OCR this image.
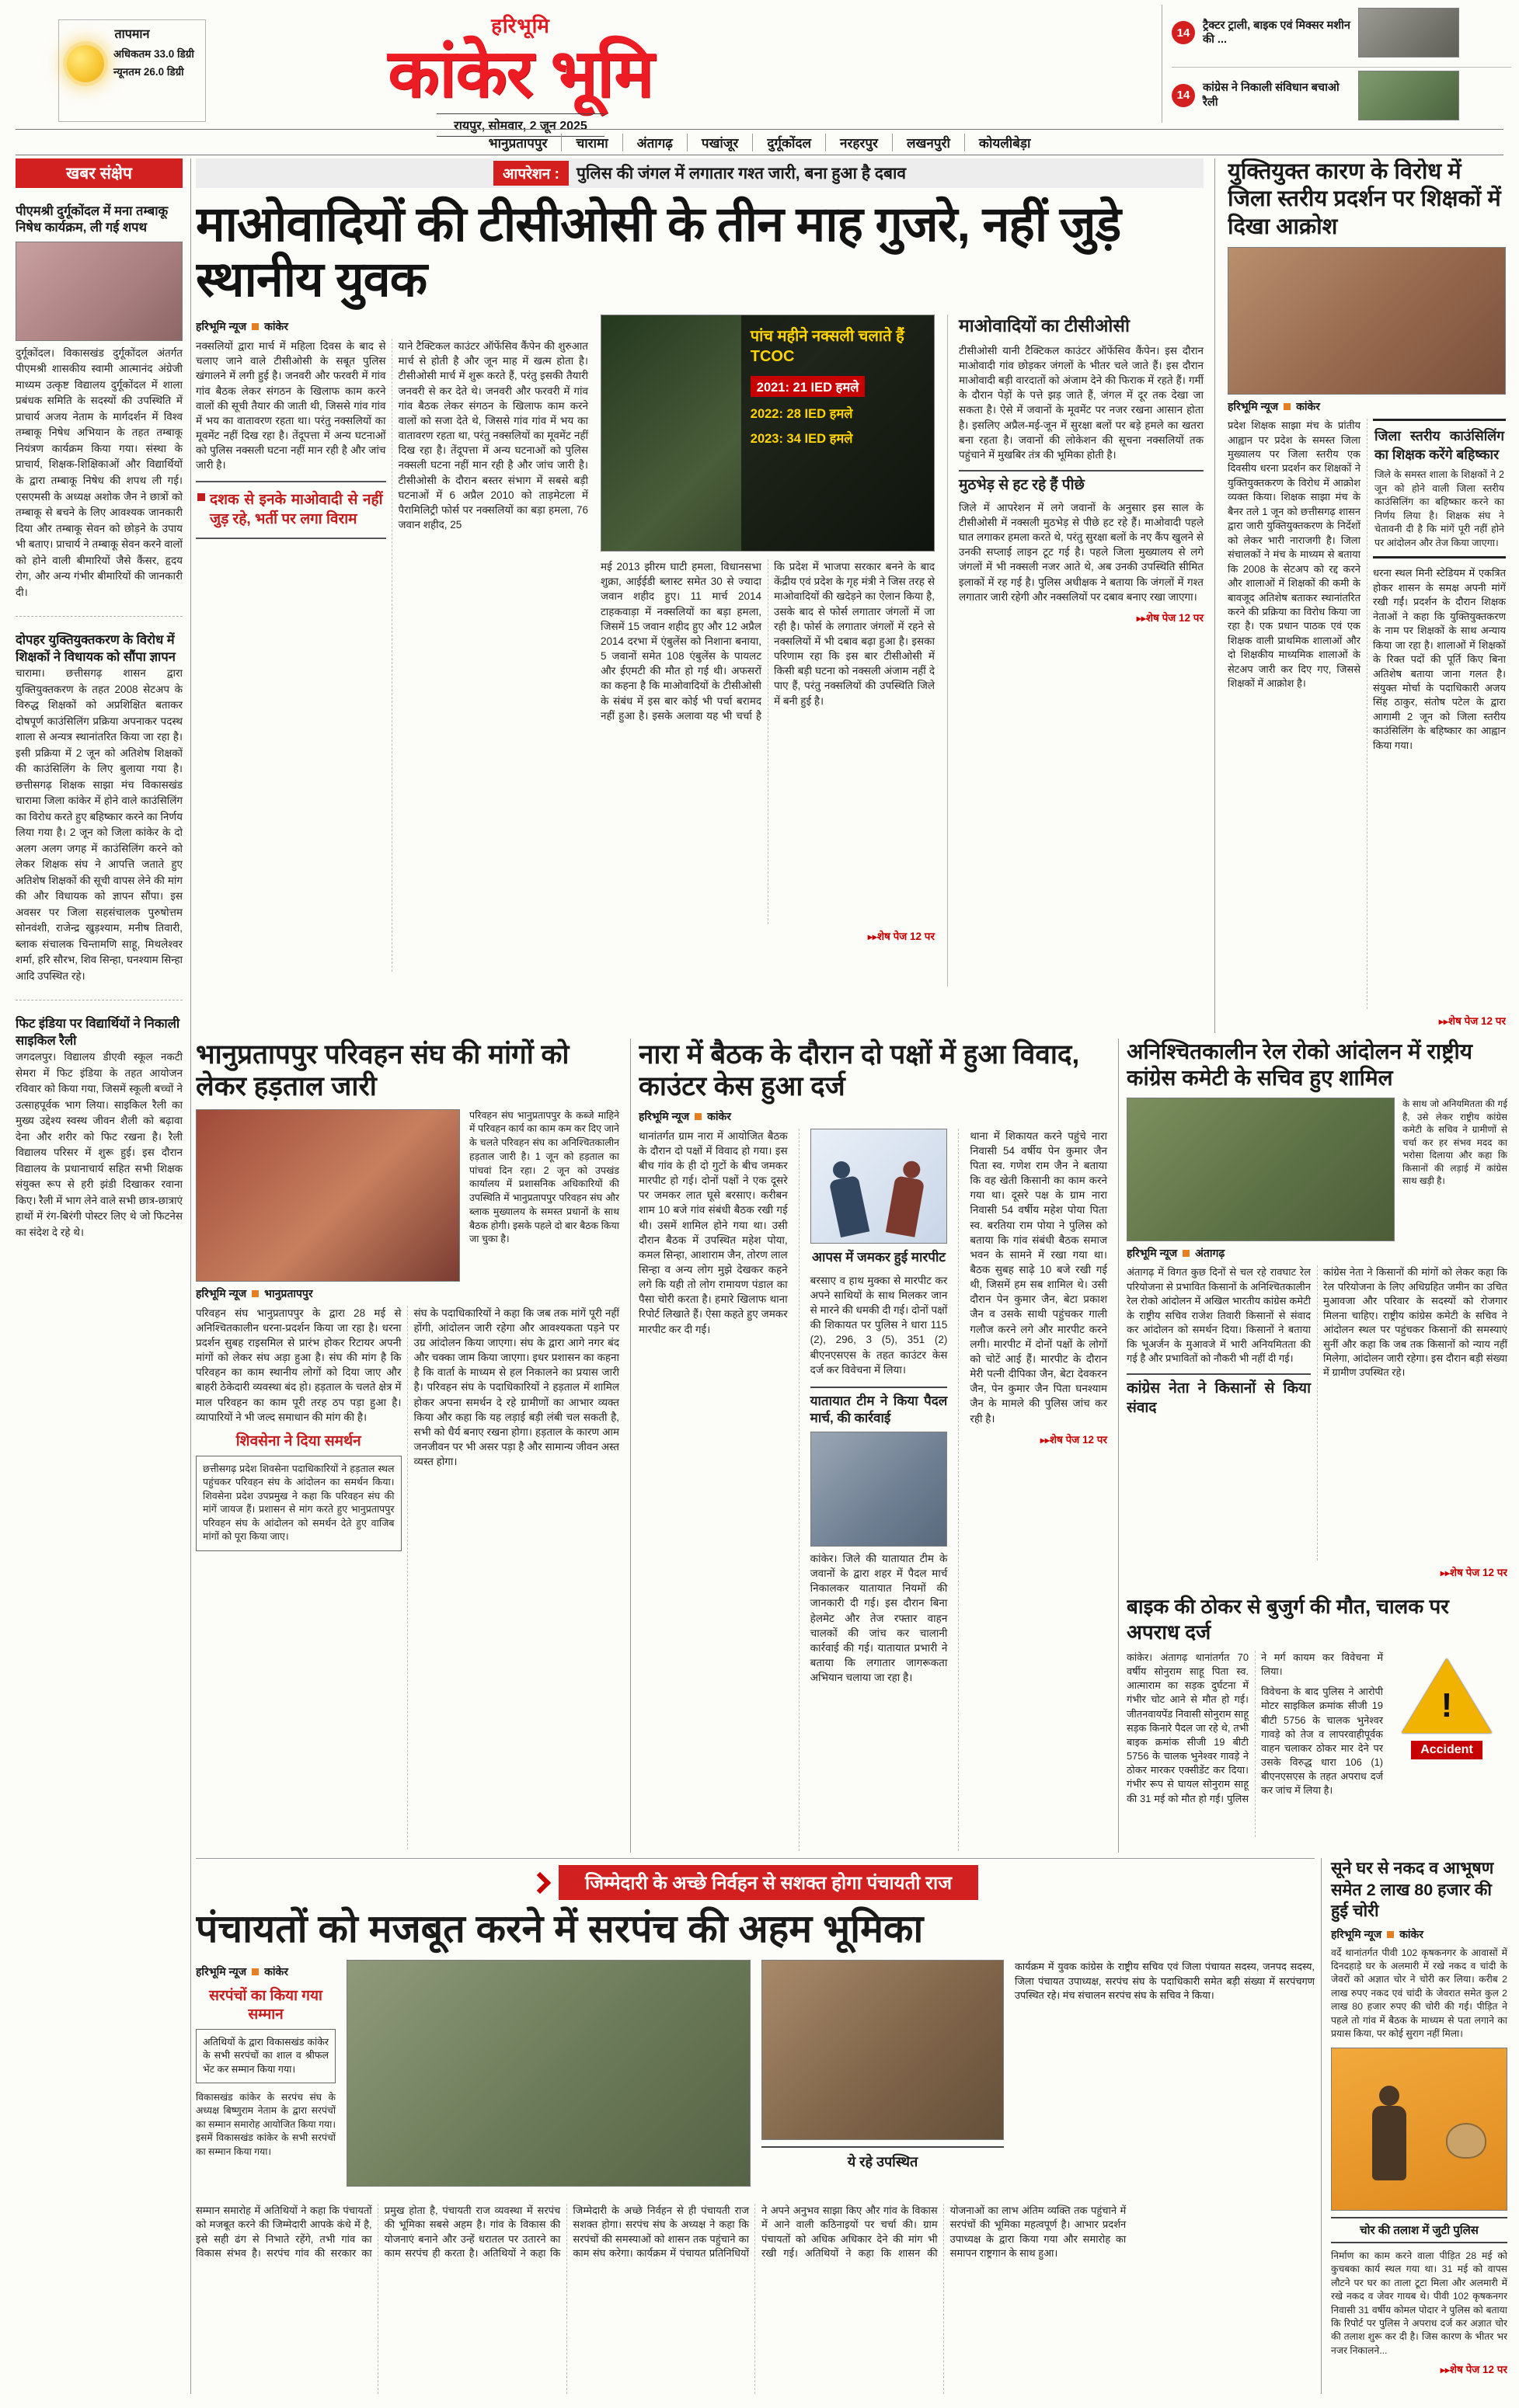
तापमान
अधिकतम 33.0 डिग्री
न्यूनतम 26.0 डिग्री
हरिभूमि
कांकेर भूमि
रायपुर, सोमवार, 2 जून 2025
14
ट्रैक्टर ट्राली, बाइक एवं मिक्सर मशीन की ...
14
कांग्रेस ने निकाली संविधान बचाओ रैली
भानुप्रतापपुर	चारामा	अंतागढ़	पखांजूर	दुर्गूकोंदल	नरहरपुर	लखनपुरी	कोयलीबेड़ा
खबर संक्षेप
पीएमश्री दुर्गूकोंदल में मना तम्बाकू निषेध कार्यक्रम, ली गई शपथ
दुर्गूकोंदल। विकासखंड दुर्गूकोंदल अंतर्गत पीएमश्री शासकीय स्वामी आत्मानंद अंग्रेजी माध्यम उत्कृष्ट विद्यालय दुर्गूकोंदल में शाला प्रबंधक समिति के सदस्यों की उपस्थिति में प्राचार्य अजय नेताम के मार्गदर्शन में विश्व तम्बाकू निषेध अभियान के तहत तम्बाकू नियंत्रण कार्यक्रम किया गया। संस्था के प्राचार्य, शिक्षक-शिक्षिकाओं और विद्यार्थियों के द्वारा तम्बाकू निषेध की शपथ ली गई। एसएमसी के अध्यक्ष अशोक जैन ने छात्रों को तम्बाकू से बचने के लिए आवश्यक जानकारी दिया और तम्बाकू सेवन को छोड़ने के उपाय भी बताए। प्राचार्य ने तम्बाकू सेवन करने वालों को होने वाली बीमारियों जैसे कैंसर, हृदय रोग, और अन्य गंभीर बीमारियों की जानकारी दी।
दोपहर युक्तियुक्तकरण के विरोध में शिक्षकों ने विधायक को सौंपा ज्ञापन
चारामा। छत्तीसगढ़ शासन द्वारा युक्तियुक्तकरण के तहत 2008 सेटअप के विरुद्ध शिक्षकों को अप्रशिक्षित बताकर दोषपूर्ण काउंसिलिंग प्रक्रिया अपनाकर पदस्थ शाला से अन्यत्र स्थानांतरित किया जा रहा है। इसी प्रक्रिया में 2 जून को अतिशेष शिक्षकों की काउंसिलिंग के लिए बुलाया गया है। छत्तीसगढ़ शिक्षक साझा मंच विकासखंड चारामा जिला कांकेर में होने वाले काउंसिलिंग का विरोध करते हुए बहिष्कार करने का निर्णय लिया गया है। 2 जून को जिला कांकेर के दो अलग अलग जगह में काउंसिलिंग करने को लेकर शिक्षक संघ ने आपत्ति जताते हुए अतिशेष शिक्षकों की सूची वापस लेने की मांग की और विधायक को ज्ञापन सौंपा। इस अवसर पर जिला सहसंचालक पुरुषोत्तम सोनवंशी, राजेन्द्र खुड़श्याम, मनीष तिवारी, ब्लाक संचालक चिन्तामणि साहू, मिथलेश्वर शर्मा, हरि सौरभ, शिव सिन्हा, घनश्याम सिन्हा आदि उपस्थित रहे।
फिट इंडिया पर विद्यार्थियों ने निकाली साइकिल रैली
जगदलपुर। विद्यालय डीएवी स्कूल नकटी सेमरा में फिट इंडिया के तहत आयोजन रविवार को किया गया, जिसमें स्कूली बच्चों ने उत्साहपूर्वक भाग लिया। साइकिल रैली का मुख्य उद्देश्य स्वस्थ जीवन शैली को बढ़ावा देना और शरीर को फिट रखना है। रैली विद्यालय परिसर में शुरू हुई। इस दौरान विद्यालय के प्रधानाचार्य सहित सभी शिक्षक संयुक्त रूप से हरी झंडी दिखाकर रवाना किए। रैली में भाग लेने वाले सभी छात्र-छात्राएं हाथों में रंग-बिरंगी पोस्टर लिए थे जो फिटनेस का संदेश दे रहे थे।
आपरेशन :	पुलिस की जंगल में लगातार गश्त जारी, बना हुआ है दबाव
माओवादियों की टीसीओसी के तीन माह गुजरे, नहीं जुड़े स्थानीय युवक
हरिभूमि न्यूज कांकेर

नक्सलियों द्वारा मार्च में महिला दिवस के बाद से चलाए जाने वाले टीसीओसी के सबूत पुलिस खंगालने में लगी हुई है। जनवरी और फरवरी में गांव गांव बैठक लेकर संगठन के खिलाफ काम करने वालों की सूची तैयार की जाती थी, जिससे गांव गांव में भय का वातावरण रहता था। परंतु नक्सलियों का मूवमेंट नहीं दिख रहा है। तेंदूपत्ता में अन्य घटनाओं को पुलिस नक्सली घटना नहीं मान रही है और जांच जारी है।

दशक से इनके माओवादी से नहीं जुड़ रहे, भर्ती पर लगा विराम

याने टैक्टिकल काउंटर ऑफेंसिव कैंपेन की शुरुआत मार्च से होती है और जून माह में खत्म होता है। टीसीओसी मार्च में शुरू करते हैं, परंतु इसकी तैयारी जनवरी से कर देते थे। जनवरी और फरवरी में गांव गांव बैठक लेकर संगठन के खिलाफ काम करने वालों को सजा देते थे, जिससे गांव गांव में भय का वातावरण रहता था, परंतु नक्सलियों का मूवमेंट नहीं दिख रहा है। तेंदूपत्ता में अन्य घटनाओं को पुलिस नक्सली घटना नहीं मान रही है और जांच जारी है। टीसीओसी के दौरान बस्तर संभाग में सबसे बड़ी घटनाओं में 6 अप्रैल 2010 को ताड़मेटला में पैरामिलिट्री फोर्स पर नक्सलियों का बड़ा हमला, 76 जवान शहीद, 25

पांच महीने नक्सली चलाते हैं TCOC
2021: 21 IED हमले
2022: 28 IED हमले
2023: 34 IED हमले

मई 2013 झीरम घाटी हमला, विधानसभा शुक्रा, आईईडी ब्लास्ट समेत 30 से ज्यादा जवान शहीद हुए। 11 मार्च 2014 टाहकवाड़ा में नक्सलियों का बड़ा हमला, जिसमें 15 जवान शहीद हुए और 12 अप्रैल 2014 दरभा में एंबुलेंस को निशाना बनाया, 5 जवानों समेत 108 एंबुलेंस के पायलट और ईएमटी की मौत हो गई थी। अफसरों का कहना है कि माओवादियों के टीसीओसी के संबंध में इस बार कोई भी पर्चा बरामद नहीं हुआ है। इसके अलावा यह भी चर्चा है कि प्रदेश में भाजपा सरकार बनने के बाद केंद्रीय एवं प्रदेश के गृह मंत्री ने जिस तरह से माओवादियों की खदेड़ने का ऐलान किया है, उसके बाद से फोर्स लगातार जंगलों में जा रही है। फोर्स के लगातार जंगलों में रहने से नक्सलियों में भी दबाव बढ़ा हुआ है। इसका परिणाम रहा कि इस बार टीसीओसी में किसी बड़ी घटना को नक्सली अंजाम नहीं दे पाए हैं, परंतु नक्सलियों की उपस्थिति जिले में बनी हुई है।

▸▸ शेष पेज 12 पर
माओवादियों का टीसीओसी

टीसीओसी यानी टैक्टिकल काउंटर ऑफेंसिव कैंपेन। इस दौरान माओवादी गांव छोड़कर जंगलों के भीतर चले जाते हैं। इस दौरान माओवादी बड़ी वारदातों को अंजाम देने की फिराक में रहते हैं। गर्मी के दौरान पेड़ों के पत्ते झड़ जाते हैं, जंगल में दूर तक देखा जा सकता है। ऐसे में जवानों के मूवमेंट पर नजर रखना आसान होता है। इसलिए अप्रैल-मई-जून में सुरक्षा बलों पर बड़े हमले का खतरा बना रहता है। जवानों की लोकेशन की सूचना नक्सलियों तक पहुंचाने में मुखबिर तंत्र की भूमिका होती है।

मुठभेड़ से हट रहे हैं पीछे

जिले में आपरेशन में लगे जवानों के अनुसार इस साल के टीसीओसी में नक्सली मुठभेड़ से पीछे हट रहे हैं। माओवादी पहले घात लगाकर हमला करते थे, परंतु सुरक्षा बलों के नए कैंप खुलने से उनकी सप्लाई लाइन टूट गई है। पहले जिला मुख्यालय से लगे जंगलों में भी नक्सली नजर आते थे, अब उनकी उपस्थिति सीमित इलाकों में रह गई है। पुलिस अधीक्षक ने बताया कि जंगलों में गश्त लगातार जारी रहेगी और नक्सलियों पर दबाव बनाए रखा जाएगा।

▸▸ शेष पेज 12 पर
युक्तियुक्त कारण के विरोध में जिला स्तरीय प्रदर्शन पर शिक्षकों में दिखा आक्रोश
हरिभूमि न्यूज कांकेर

प्रदेश शिक्षक साझा मंच के प्रांतीय आह्वान पर प्रदेश के समस्त जिला मुख्यालय पर जिला स्तरीय एक दिवसीय धरना प्रदर्शन कर शिक्षकों ने युक्तियुक्तकरण के विरोध में आक्रोश व्यक्त किया। शिक्षक साझा मंच के बैनर तले 1 जून को छत्तीसगढ़ शासन द्वारा जारी युक्तियुक्तकरण के निर्देशों को लेकर भारी नाराजगी है। जिला संचालकों ने मंच के माध्यम से बताया कि 2008 के सेटअप को रद्द करने और शालाओं में शिक्षकों की कमी के बावजूद अतिशेष बताकर स्थानांतरित करने की प्रक्रिया का विरोध किया जा रहा है। एक प्रधान पाठक एवं एक शिक्षक वाली प्राथमिक शालाओं और दो शिक्षकीय माध्यमिक शालाओं के सेटअप जारी कर दिए गए, जिससे शिक्षकों में आक्रोश है।

जिला स्तरीय काउंसिलिंग का शिक्षक करेंगे बहिष्कार
जिले के समस्त शाला के शिक्षकों ने 2 जून को होने वाली जिला स्तरीय काउंसिलिंग का बहिष्कार करने का निर्णय लिया है। शिक्षक संघ ने चेतावनी दी है कि मांगें पूरी नहीं होने पर आंदोलन और तेज किया जाएगा।

धरना स्थल मिनी स्टेडियम में एकत्रित होकर शासन के समक्ष अपनी मांगें रखी गईं। प्रदर्शन के दौरान शिक्षक नेताओं ने कहा कि युक्तियुक्तकरण के नाम पर शिक्षकों के साथ अन्याय किया जा रहा है। शालाओं में शिक्षकों के रिक्त पदों की पूर्ति किए बिना अतिशेष बताया जाना गलत है। संयुक्त मोर्चा के पदाधिकारी अजय सिंह ठाकुर, संतोष पटेल के द्वारा आगामी 2 जून को जिला स्तरीय काउंसिलिंग के बहिष्कार का आह्वान किया गया।

▸▸ शेष पेज 12 पर
भानुप्रतापपुर परिवहन संघ की मांगों को लेकर हड़ताल जारी
परिवहन संघ भानुप्रतापपुर के कब्जे माहिने में परिवहन कार्य का काम कम कर दिए जाने के चलते परिवहन संघ का अनिश्चितकालीन हड़ताल जारी है। 1 जून को हड़ताल का पांचवां दिन रहा। 2 जून को उपखंड कार्यालय में प्रशासनिक अधिकारियों की उपस्थिति में भानुप्रतापपुर परिवहन संघ और ब्लाक मुख्यालय के समस्त प्रधानों के साथ बैठक होगी। इसके पहले दो बार बैठक किया जा चुका है।
हरिभूमि न्यूज भानुप्रतापपुर

परिवहन संघ भानुप्रतापपुर के द्वारा 28 मई से अनिश्चितकालीन धरना-प्रदर्शन किया जा रहा है। धरना प्रदर्शन सुबह राइसमिल से प्रारंभ होकर रिटायर अपनी मांगों को लेकर संघ अड़ा हुआ है। संघ की मांग है कि परिवहन का काम स्थानीय लोगों को दिया जाए और बाहरी ठेकेदारी व्यवस्था बंद हो। हड़ताल के चलते क्षेत्र में माल परिवहन का काम पूरी तरह ठप पड़ा हुआ है। व्यापारियों ने भी जल्द समाधान की मांग की है।

शिवसेना ने दिया समर्थन
छत्तीसगढ़ प्रदेश शिवसेना पदाधिकारियों ने हड़ताल स्थल पहुंचकर परिवहन संघ के आंदोलन का समर्थन किया। शिवसेना प्रदेश उपप्रमुख ने कहा कि परिवहन संघ की मांगें जायज हैं। प्रशासन से मांग करते हुए भानुप्रतापपुर परिवहन संघ के आंदोलन को समर्थन देते हुए वाजिब मांगों को पूरा किया जाए।

संघ के पदाधिकारियों ने कहा कि जब तक मांगें पूरी नहीं होंगी, आंदोलन जारी रहेगा और आवश्यकता पड़ने पर उग्र आंदोलन किया जाएगा। संघ के द्वारा आगे नगर बंद और चक्का जाम किया जाएगा। इधर प्रशासन का कहना है कि वार्ता के माध्यम से हल निकालने का प्रयास जारी है। परिवहन संघ के पदाधिकारियों ने हड़ताल में शामिल होकर अपना समर्थन दे रहे ग्रामीणों का आभार व्यक्त किया और कहा कि यह लड़ाई बड़ी लंबी चल सकती है, सभी को धैर्य बनाए रखना होगा। हड़ताल के कारण आम जनजीवन पर भी असर पड़ा है और सामान्य जीवन अस्त व्यस्त होगा।

नारा में बैठक के दौरान दो पक्षों में हुआ विवाद, काउंटर केस हुआ दर्ज
हरिभूमि न्यूज कांकेर

थानांतर्गत ग्राम नारा में आयोजित बैठक के दौरान दो पक्षों में विवाद हो गया। इस बीच गांव के ही दो गुटों के बीच जमकर मारपीट हो गई। दोनों पक्षों ने एक दूसरे पर जमकर लात घूसे बरसाए। करीबन शाम 10 बजे गांव संबंधी बैठक रखी गई थी। उसमें शामिल होने गया था। उसी दौरान बैठक में उपस्थित महेश पोया, कमल सिन्हा, आशाराम जैन, तोरण लाल सिन्हा व अन्य लोग मुझे देखकर कहने लगे कि यही तो लोग रामायण पंडाल का पैसा चोरी करता है। हमारे खिलाफ थाना रिपोर्ट लिखाते हैं। ऐसा कहते हुए जमकर मारपीट कर दी गई।

आपस में जमकर हुई मारपीट

बरसाए व हाथ मुक्का से मारपीट कर अपने साथियों के साथ मिलकर जान से मारने की धमकी दी गई। दोनों पक्षों की शिकायत पर पुलिस ने धारा 115 (2), 296, 3 (5), 351 (2) बीएनएसएस के तहत काउंटर केस दर्ज कर विवेचना में लिया।

यातायात टीम ने किया पैदल मार्च, की कार्रवाई

कांकेर। जिले की यातायात टीम के जवानों के द्वारा शहर में पैदल मार्च निकालकर यातायात नियमों की जानकारी दी गई। इस दौरान बिना हेलमेट और तेज रफ्तार वाहन चालकों की जांच कर चालानी कार्रवाई की गई। यातायात प्रभारी ने बताया कि लगातार जागरूकता अभियान चलाया जा रहा है।

थाना में शिकायत करने पहुंचे नारा निवासी 54 वर्षीय पेन कुमार जैन पिता स्व. गणेश राम जैन ने बताया कि वह खेती किसानी का काम करने गया था। दूसरे पक्ष के ग्राम नारा निवासी 54 वर्षीय महेश पोया पिता स्व. बरतिया राम पोया ने पुलिस को बताया कि गांव संबंधी बैठक समाज भवन के सामने में रखा गया था। बैठक सुबह साढ़े 10 बजे रखी गई थी, जिसमें हम सब शामिल थे। उसी दौरान पेन कुमार जैन, बेटा प्रकाश जैन व उसके साथी पहुंचकर गाली गलौज करने लगे और मारपीट करने लगी। मारपीट में दोनों पक्षों के लोगों को चोटें आई हैं। मारपीट के दौरान मेरी पत्नी दीपिका जैन, बेटा देवकरन जैन, पेन कुमार जैन पिता घनश्याम जैन के मामले की पुलिस जांच कर रही है।

▸▸ शेष पेज 12 पर
अनिश्चितकालीन रेल रोको आंदोलन में राष्ट्रीय कांग्रेस कमेटी के सचिव हुए शामिल
के साथ जो अनियमितता की गई है, उसे लेकर राष्ट्रीय कांग्रेस कमेटी के सचिव ने ग्रामीणों से चर्चा कर हर संभव मदद का भरोसा दिलाया और कहा कि किसानों की लड़ाई में कांग्रेस साथ खड़ी है।
हरिभूमि न्यूज अंतागढ़

अंतागढ़ में विगत कुछ दिनों से चल रहे रावघाट रेल परियोजना से प्रभावित किसानों के अनिश्चितकालीन रेल रोको आंदोलन में अखिल भारतीय कांग्रेस कमेटी के राष्ट्रीय सचिव राजेश तिवारी किसानों से संवाद कर आंदोलन को समर्थन दिया। किसानों ने बताया कि भूअर्जन के मुआवजे में भारी अनियमितता की गई है और प्रभावितों को नौकरी भी नहीं दी गई।

कांग्रेस नेता ने किसानों से किया संवाद

कांग्रेस नेता ने किसानों की मांगों को लेकर कहा कि रेल परियोजना के लिए अधिग्रहित जमीन का उचित मुआवजा और परिवार के सदस्यों को रोजगार मिलना चाहिए। राष्ट्रीय कांग्रेस कमेटी के सचिव ने आंदोलन स्थल पर पहुंचकर किसानों की समस्याएं सुनीं और कहा कि जब तक किसानों को न्याय नहीं मिलेगा, आंदोलन जारी रहेगा। इस दौरान बड़ी संख्या में ग्रामीण उपस्थित रहे।

▸▸ शेष पेज 12 पर
बाइक की ठोकर से बुजुर्ग की मौत, चालक पर अपराध दर्ज

कांकेर। अंतागढ़ थानांतर्गत 70 वर्षीय सोनुराम साहू पिता स्व. आत्माराम का सड़क दुर्घटना में गंभीर चोट आने से मौत हो गई। जीतनवायपेंड निवासी सोनुराम साहू सड़क किनारे पैदल जा रहे थे, तभी बाइक क्रमांक सीजी 19 बीटी 5756 के चालक भुनेश्वर गावड़े ने ठोकर मारकर एक्सीडेंट कर दिया। गंभीर रूप से घायल सोनुराम साहू की 31 मई को मौत हो गई। पुलिस ने मर्ग कायम कर विवेचना में लिया।

विवेचना के बाद पुलिस ने आरोपी मोटर साइकिल क्रमांक सीजी 19 बीटी 5756 के चालक भुनेश्वर गावड़े को तेज व लापरवाहीपूर्वक वाहन चलाकर ठोकर मार देने पर उसके विरुद्ध धारा 106 (1) बीएनएसएस के तहत अपराध दर्ज कर जांच में लिया है।

!
Accident
सूने घर से नकद व आभूषण समेत 2 लाख 80 हजार की हुई चोरी
हरिभूमि न्यूज कांकेर

वर्दे थानांतर्गत पीवी 102 कृषकनगर के आवासों में दिनदहाड़े घर के अलमारी में रखे नकद व चांदी के जेवरों को अज्ञात चोर ने चोरी कर लिया। करीब 2 लाख रुपए नकद एवं चांदी के जेवरात समेत कुल 2 लाख 80 हजार रुपए की चोरी की गई। पीड़ित ने पहले तो गांव में बैठक के माध्यम से पता लगाने का प्रयास किया, पर कोई सुराग नहीं मिला।

चोर की तलाश में जुटी पुलिस

निर्माण का काम करने वाला पीड़ित 28 मई को कुचबका कार्य स्थल गया था। 31 मई को वापस लौटने पर घर का ताला टूटा मिला और अलमारी में रखे नकद व जेवर गायब थे। पीवी 102 कृषकनगर निवासी 31 वर्षीय कोमल पोदार ने पुलिस को बताया कि रिपोर्ट पर पुलिस ने अपराध दर्ज कर अज्ञात चोर की तलाश शुरू कर दी है। जिस कारण के भीतर भर नजर निकालने...

▸▸ शेष पेज 12 पर
जिम्मेदारी के अच्छे निर्वहन से सशक्त होगा पंचायती राज
पंचायतों को मजबूत करने में सरपंच की अहम भूमिका
हरिभूमि न्यूज कांकेर
सरपंचों का किया गया सम्मान
अतिथियों के द्वारा विकासखंड कांकेर के सभी सरपंचों का शाल व श्रीफल भेंट कर सम्मान किया गया।
विकासखंड कांकेर के सरपंच संघ के अध्यक्ष बिष्णुराम नेताम के द्वारा सरपंचों का सम्मान समारोह आयोजित किया गया। इसमें विकासखंड कांकेर के सभी सरपंचों का सम्मान किया गया।
ये रहे उपस्थित
कार्यक्रम में युवक कांग्रेस के राष्ट्रीय सचिव एवं जिला पंचायत सदस्य, जनपद सदस्य, जिला पंचायत उपाध्यक्ष, सरपंच संघ के पदाधिकारी समेत बड़ी संख्या में सरपंचगण उपस्थित रहे। मंच संचालन सरपंच संघ के सचिव ने किया।

सम्मान समारोह में अतिथियों ने कहा कि पंचायतों को मजबूत करने की जिम्मेदारी आपके कंधे में है, इसे सही ढंग से निभाते रहेंगे, तभी गांव का विकास संभव है। सरपंच गांव की सरकार का प्रमुख होता है, पंचायती राज व्यवस्था में सरपंच की भूमिका सबसे अहम है। गांव के विकास की योजनाएं बनाने और उन्हें धरातल पर उतारने का काम सरपंच ही करता है। अतिथियों ने कहा कि जिम्मेदारी के अच्छे निर्वहन से ही पंचायती राज सशक्त होगा। सरपंच संघ के अध्यक्ष ने कहा कि सरपंचों की समस्याओं को शासन तक पहुंचाने का काम संघ करेगा। कार्यक्रम में पंचायत प्रतिनिधियों ने अपने अनुभव साझा किए और गांव के विकास में आने वाली कठिनाइयों पर चर्चा की। ग्राम पंचायतों को अधिक अधिकार देने की मांग भी रखी गई। अतिथियों ने कहा कि शासन की योजनाओं का लाभ अंतिम व्यक्ति तक पहुंचाने में सरपंचों की भूमिका महत्वपूर्ण है। आभार प्रदर्शन उपाध्यक्ष के द्वारा किया गया और समारोह का समापन राष्ट्रगान के साथ हुआ।
